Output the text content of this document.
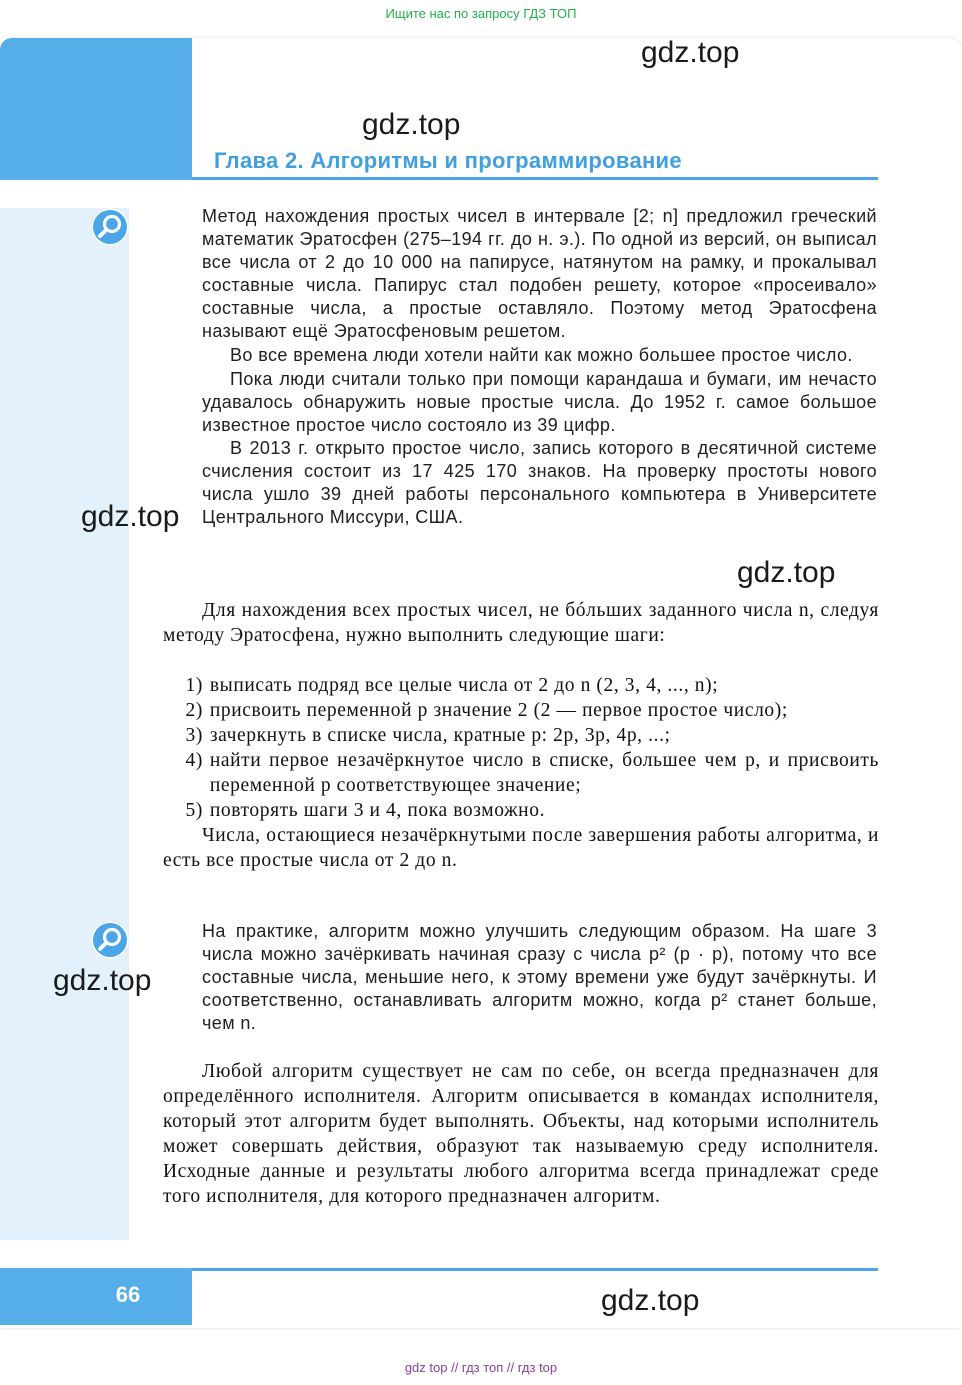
Ищите нас по запросу ГДЗ ТОП
Глава 2. Алгоритмы и программирование
gdz.top
gdz.top
gdz.top
gdz.top
gdz.top
gdz.top

Метод нахождения простых чисел в интервале [2; n] предложил греческий математик Эратосфен (275–194 гг. до н. э.). По одной из версий, он выписал все числа от 2 до 10 000 на папирусе, натянутом на рамку, и прокалывал составные числа. Папирус стал подобен решету, которое «просеивало» составные числа, а простые оставляло. Поэтому метод Эратосфена называют ещё Эратосфеновым решетом.

Во все времена люди хотели найти как можно большее простое число.

Пока люди считали только при помощи карандаша и бумаги, им нечасто удавалось обнаружить новые простые числа. До 1952 г. самое большое известное простое число состояло из 39 цифр.

В 2013 г. открыто простое число, запись которого в десятичной системе счисления состоит из 17 425 170 знаков. На проверку простоты нового числа ушло 39 дней работы персонального компьютера в Университете Центрального Миссури, США.

Для нахождения всех простых чисел, не бóльших заданного числа n, следуя методу Эратосфена, нужно выполнить следующие шаги:

1) выписать подряд все целые числа от 2 до n (2, 3, 4, ..., n);
2) присвоить переменной p значение 2 (2 — первое простое число);
3) зачеркнуть в списке числа, кратные p: 2p, 3p, 4p, ...;
4) найти первое незачёркнутое число в списке, большее чем p, и присвоить переменной p соответствующее значение;
5) повторять шаги 3 и 4, пока возможно.

Числа, остающиеся незачёркнутыми после завершения работы алгоритма, и есть все простые числа от 2 до n.

На практике, алгоритм можно улучшить следующим образом. На шаге 3 числа можно зачёркивать начиная сразу с числа p² (p · p), потому что все составные числа, меньшие него, к этому времени уже будут зачёркнуты. И соответственно, останавливать алгоритм можно, когда p² станет больше, чем n.

Любой алгоритм существует не сам по себе, он всегда предназначен для определённого исполнителя. Алгоритм описывается в командах исполнителя, который этот алгоритм будет выполнять. Объекты, над которыми исполнитель может совершать действия, образуют так называемую среду исполнителя. Исходные данные и результаты любого алгоритма всегда принадлежат среде того исполнителя, для которого предназначен алгоритм.

66
gdz top // гдз топ // гдз top
